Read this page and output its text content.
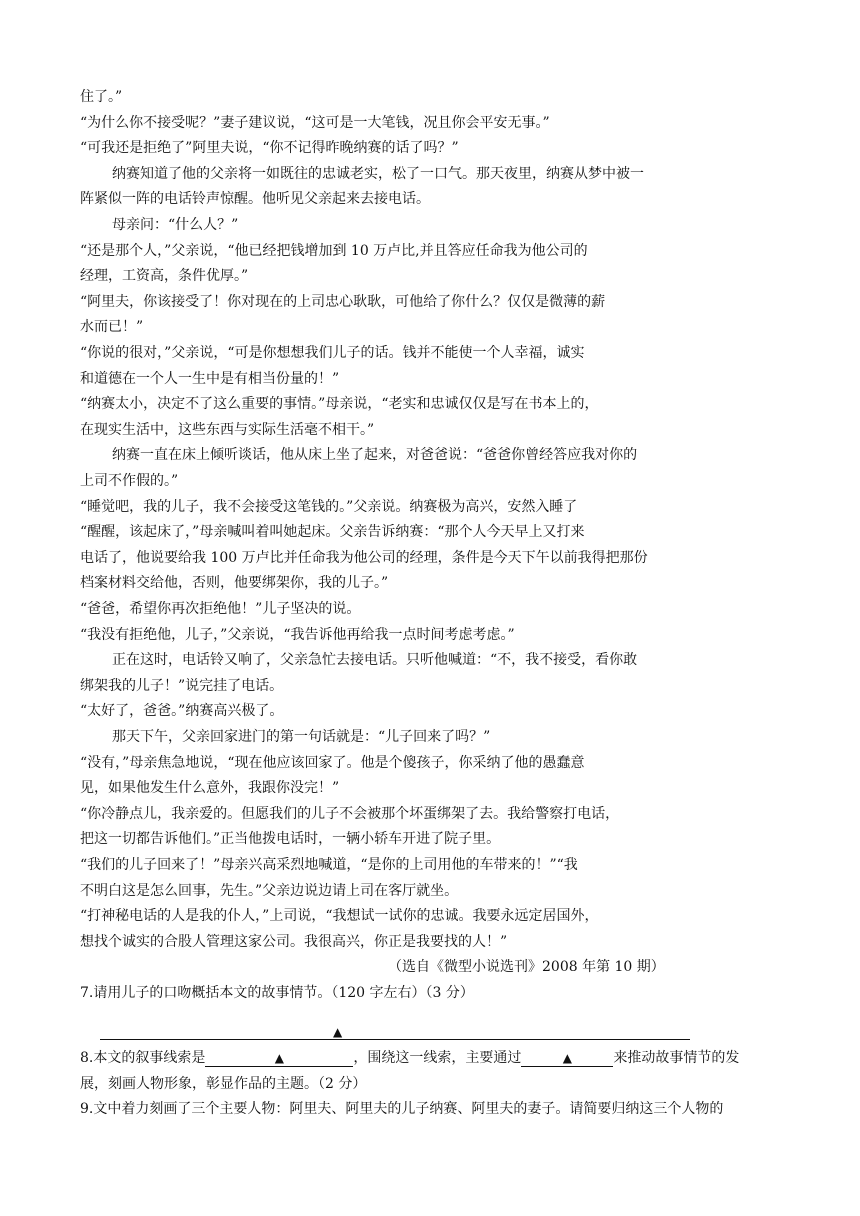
住了。”
“为什么你不接受呢？”妻子建议说，“这可是一大笔钱，况且你会平安无事。”
“可我还是拒绝了”阿里夫说，“你不记得昨晚纳赛的话了吗？”
纳赛知道了他的父亲将一如既往的忠诚老实，松了一口气。那天夜里，纳赛从梦中被一
阵紧似一阵的电话铃声惊醒。他听见父亲起来去接电话。
母亲问：“什么人？”
“还是那个人，”父亲说，“他已经把钱增加到 10 万卢比,并且答应任命我为他公司的
经理，工资高，条件优厚。”
“阿里夫，你该接受了！你对现在的上司忠心耿耿，可他给了你什么？仅仅是微薄的薪
水而已！”
“你说的很对，”父亲说，“可是你想想我们儿子的话。钱并不能使一个人幸福，诚实
和道德在一个人一生中是有相当份量的！”
“纳赛太小，决定不了这么重要的事情。”母亲说，“老实和忠诚仅仅是写在书本上的，
在现实生活中，这些东西与实际生活毫不相干。”
纳赛一直在床上倾听谈话，他从床上坐了起来，对爸爸说：“爸爸你曾经答应我对你的
上司不作假的。”
“睡觉吧，我的儿子，我不会接受这笔钱的。”父亲说。纳赛极为高兴，安然入睡了
“醒醒，该起床了，”母亲喊叫着叫她起床。父亲告诉纳赛：“那个人今天早上又打来
电话了，他说要给我 100 万卢比并任命我为他公司的经理，条件是今天下午以前我得把那份
档案材料交给他，否则，他要绑架你，我的儿子。”
“爸爸，希望你再次拒绝他！”儿子坚决的说。
“我没有拒绝他，儿子，”父亲说，“我告诉他再给我一点时间考虑考虑。”
正在这时，电话铃又响了，父亲急忙去接电话。只听他喊道：“不，我不接受，看你敢
绑架我的儿子！”说完挂了电话。
“太好了，爸爸。”纳赛高兴极了。
那天下午，父亲回家进门的第一句话就是：“儿子回来了吗？”
“没有，”母亲焦急地说，“现在他应该回家了。他是个傻孩子，你采纳了他的愚蠢意
见，如果他发生什么意外，我跟你没完！”
“你冷静点儿，我亲爱的。但愿我们的儿子不会被那个坏蛋绑架了去。我给警察打电话，
把这一切都告诉他们。”正当他拨电话时，一辆小轿车开进了院子里。
“我们的儿子回来了！”母亲兴高采烈地喊道，“是你的上司用他的车带来的！”“我
不明白这是怎么回事，先生。”父亲边说边请上司在客厅就坐。
“打神秘电话的人是我的仆人，”上司说，“我想试一试你的忠诚。我要永远定居国外，
想找个诚实的合股人管理这家公司。我很高兴，你正是我要找的人！”
（选自《微型小说选刊》2008 年第 10 期）
7.请用儿子的口吻概括本文的故事情节。（120 字左右）（3 分）
▲
8.本文的叙事线索是	▲	，围绕这一线索，主要通过	▲	来推动故事情节的发
展，刻画人物形象，彰显作品的主题。（2 分）
9.文中着力刻画了三个主要人物：阿里夫、阿里夫的儿子纳赛、阿里夫的妻子。请简要归纳这三个人物的
